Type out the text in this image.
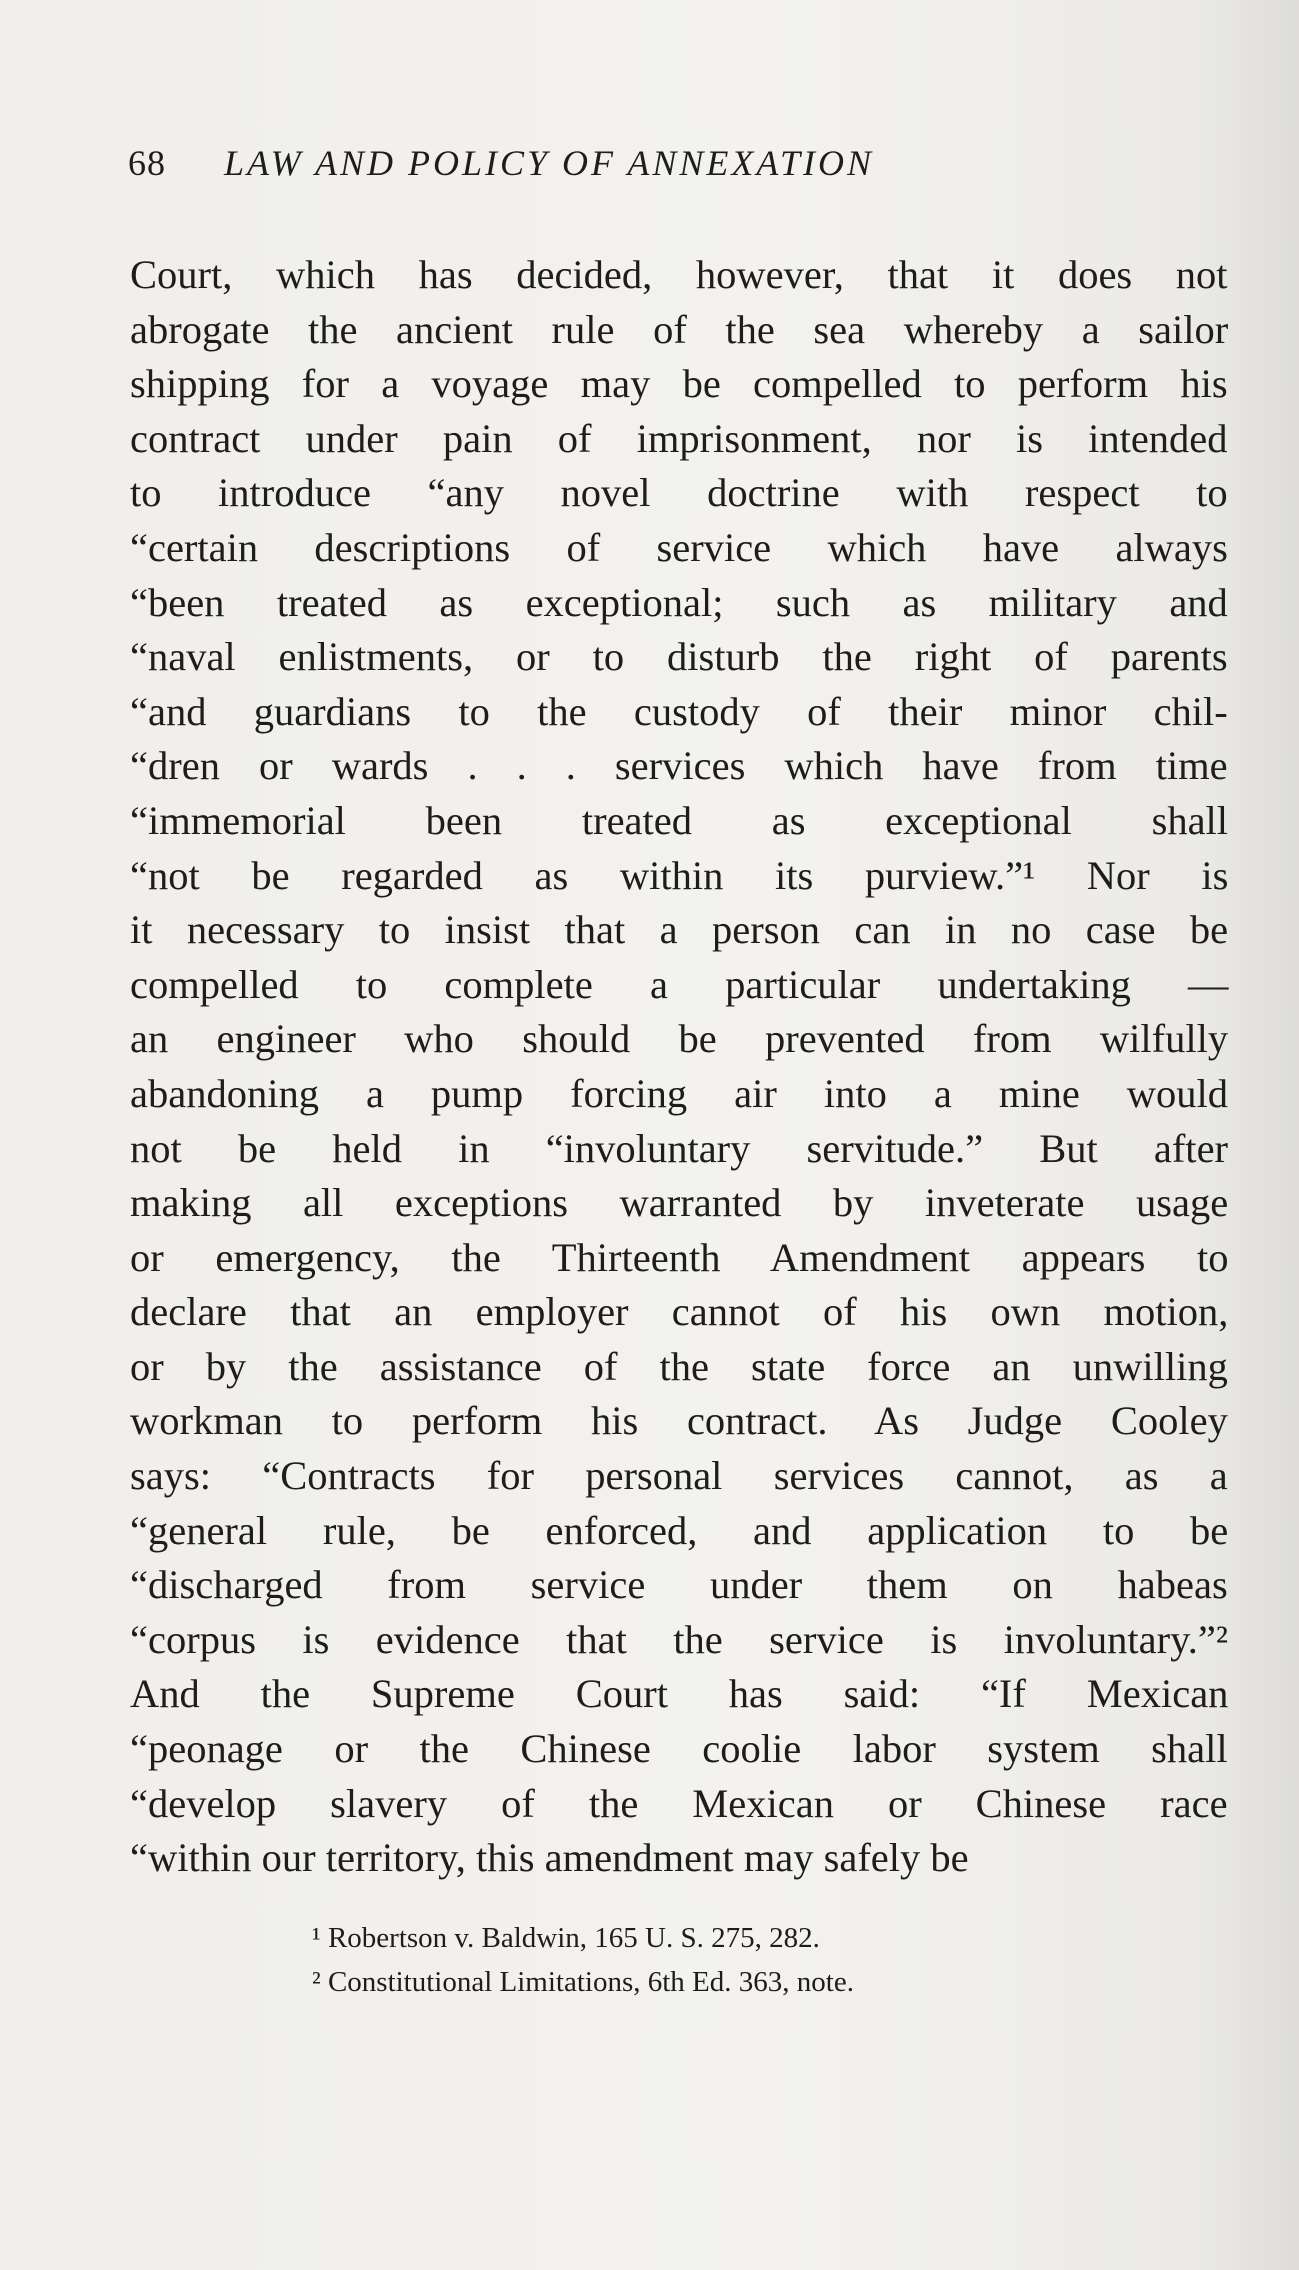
68 LAW AND POLICY OF ANNEXATION
Court, which has decided, however, that it does not
abrogate the ancient rule of the sea whereby a sailor
shipping for a voyage may be compelled to perform his
contract under pain of imprisonment, nor is intended
to introduce “any novel doctrine with respect to
“certain descriptions of service which have always
“been treated as exceptional; such as military and
“naval enlistments, or to disturb the right of parents
“and guardians to the custody of their minor chil-
“dren or wards . . . services which have from time
“immemorial been treated as exceptional shall
“not be regarded as within its purview.”¹ Nor is
it necessary to insist that a person can in no case be
compelled to complete a particular undertaking —
an engineer who should be prevented from wilfully
abandoning a pump forcing air into a mine would
not be held in “involuntary servitude.” But after
making all exceptions warranted by inveterate usage
or emergency, the Thirteenth Amendment appears to
declare that an employer cannot of his own motion,
or by the assistance of the state force an unwilling
workman to perform his contract. As Judge Cooley
says: “Contracts for personal services cannot, as a
“general rule, be enforced, and application to be
“discharged from service under them on habeas
“corpus is evidence that the service is involuntary.”²
And the Supreme Court has said: “If Mexican
“peonage or the Chinese coolie labor system shall
“develop slavery of the Mexican or Chinese race
“within our territory, this amendment may safely be
¹ Robertson v. Baldwin, 165 U. S. 275, 282.
² Constitutional Limitations, 6th Ed. 363, note.
